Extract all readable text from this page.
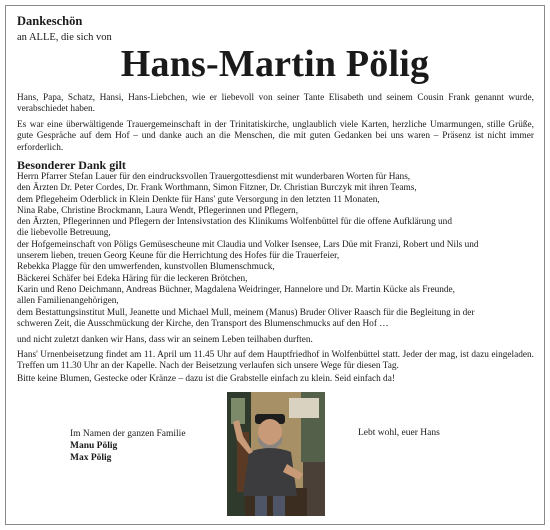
Dankeschön
an ALLE, die sich von
Hans-Martin Pölig
Hans, Papa, Schatz, Hansi, Hans-Liebchen, wie er liebevoll von seiner Tante Elisabeth und seinem Cousin Frank genannt wurde, verabschiedet haben.
Es war eine überwältigende Trauergemeinschaft in der Trinitatiskirche, unglaublich viele Karten, herzliche Umarmungen, stille Grüße, gute Gespräche auf dem Hof – und danke auch an die Menschen, die mit guten Gedanken bei uns waren – Präsenz ist nicht immer erforderlich.
Besonderer Dank gilt
Herrn Pfarrer Stefan Lauer für den eindrucksvollen Trauergottesdienst mit wunderbaren Worten für Hans,
den Ärzten Dr. Peter Cordes, Dr. Frank Worthmann, Simon Fitzner, Dr. Christian Burczyk mit ihren Teams,
dem Pflegeheim Oderblick in Klein Denkte für Hans' gute Versorgung in den letzten 11 Monaten,
Nina Rabe, Christine Brockmann, Laura Wendt, Pflegerinnen und Pflegern,
den Ärzten, Pflegerinnen und Pflegern der Intensivstation des Klinikums Wolfenbüttel für die offene Aufklärung und
die liebevolle Betreuung,
der Hofgemeinschaft von Pöligs Gemüsescheune mit Claudia und Volker Isensee, Lars Düe mit Franzi, Robert und Nils und
unserem lieben, treuen Georg Keune für die Herrichtung des Hofes für die Trauerfeier,
Rebekka Plagge für den umwerfenden, kunstvollen Blumenschmuck,
Bäckerei Schäfer bei Edeka Häring für die leckeren Brötchen,
Karin und Reno Deichmann, Andreas Büchner, Magdalena Weidringer, Hannelore und Dr. Martin Kücke als Freunde,
allen Familienangehörigen,
dem Bestattungsinstitut Mull, Jeanette und Michael Mull, meinem (Manus) Bruder Oliver Raasch für die Begleitung in der
schweren Zeit, die Ausschmückung der Kirche, den Transport des Blumenschmucks auf den Hof …
und nicht zuletzt danken wir Hans, dass wir an seinem Leben teilhaben durften.
Hans' Urnenbeisetzung findet am 11. April um 11.45 Uhr auf dem Hauptfriedhof in Wolfenbüttel statt. Jeder der mag, ist dazu eingeladen. Treffen um 11.30 Uhr an der Kapelle. Nach der Beisetzung verlaufen sich unsere Wege für diesen Tag.
Bitte keine Blumen, Gestecke oder Kränze – dazu ist die Grabstelle einfach zu klein. Seid einfach da!
Im Namen der ganzen Familie
Manu Pölig
Max Pölig
Lebt wohl, euer Hans
